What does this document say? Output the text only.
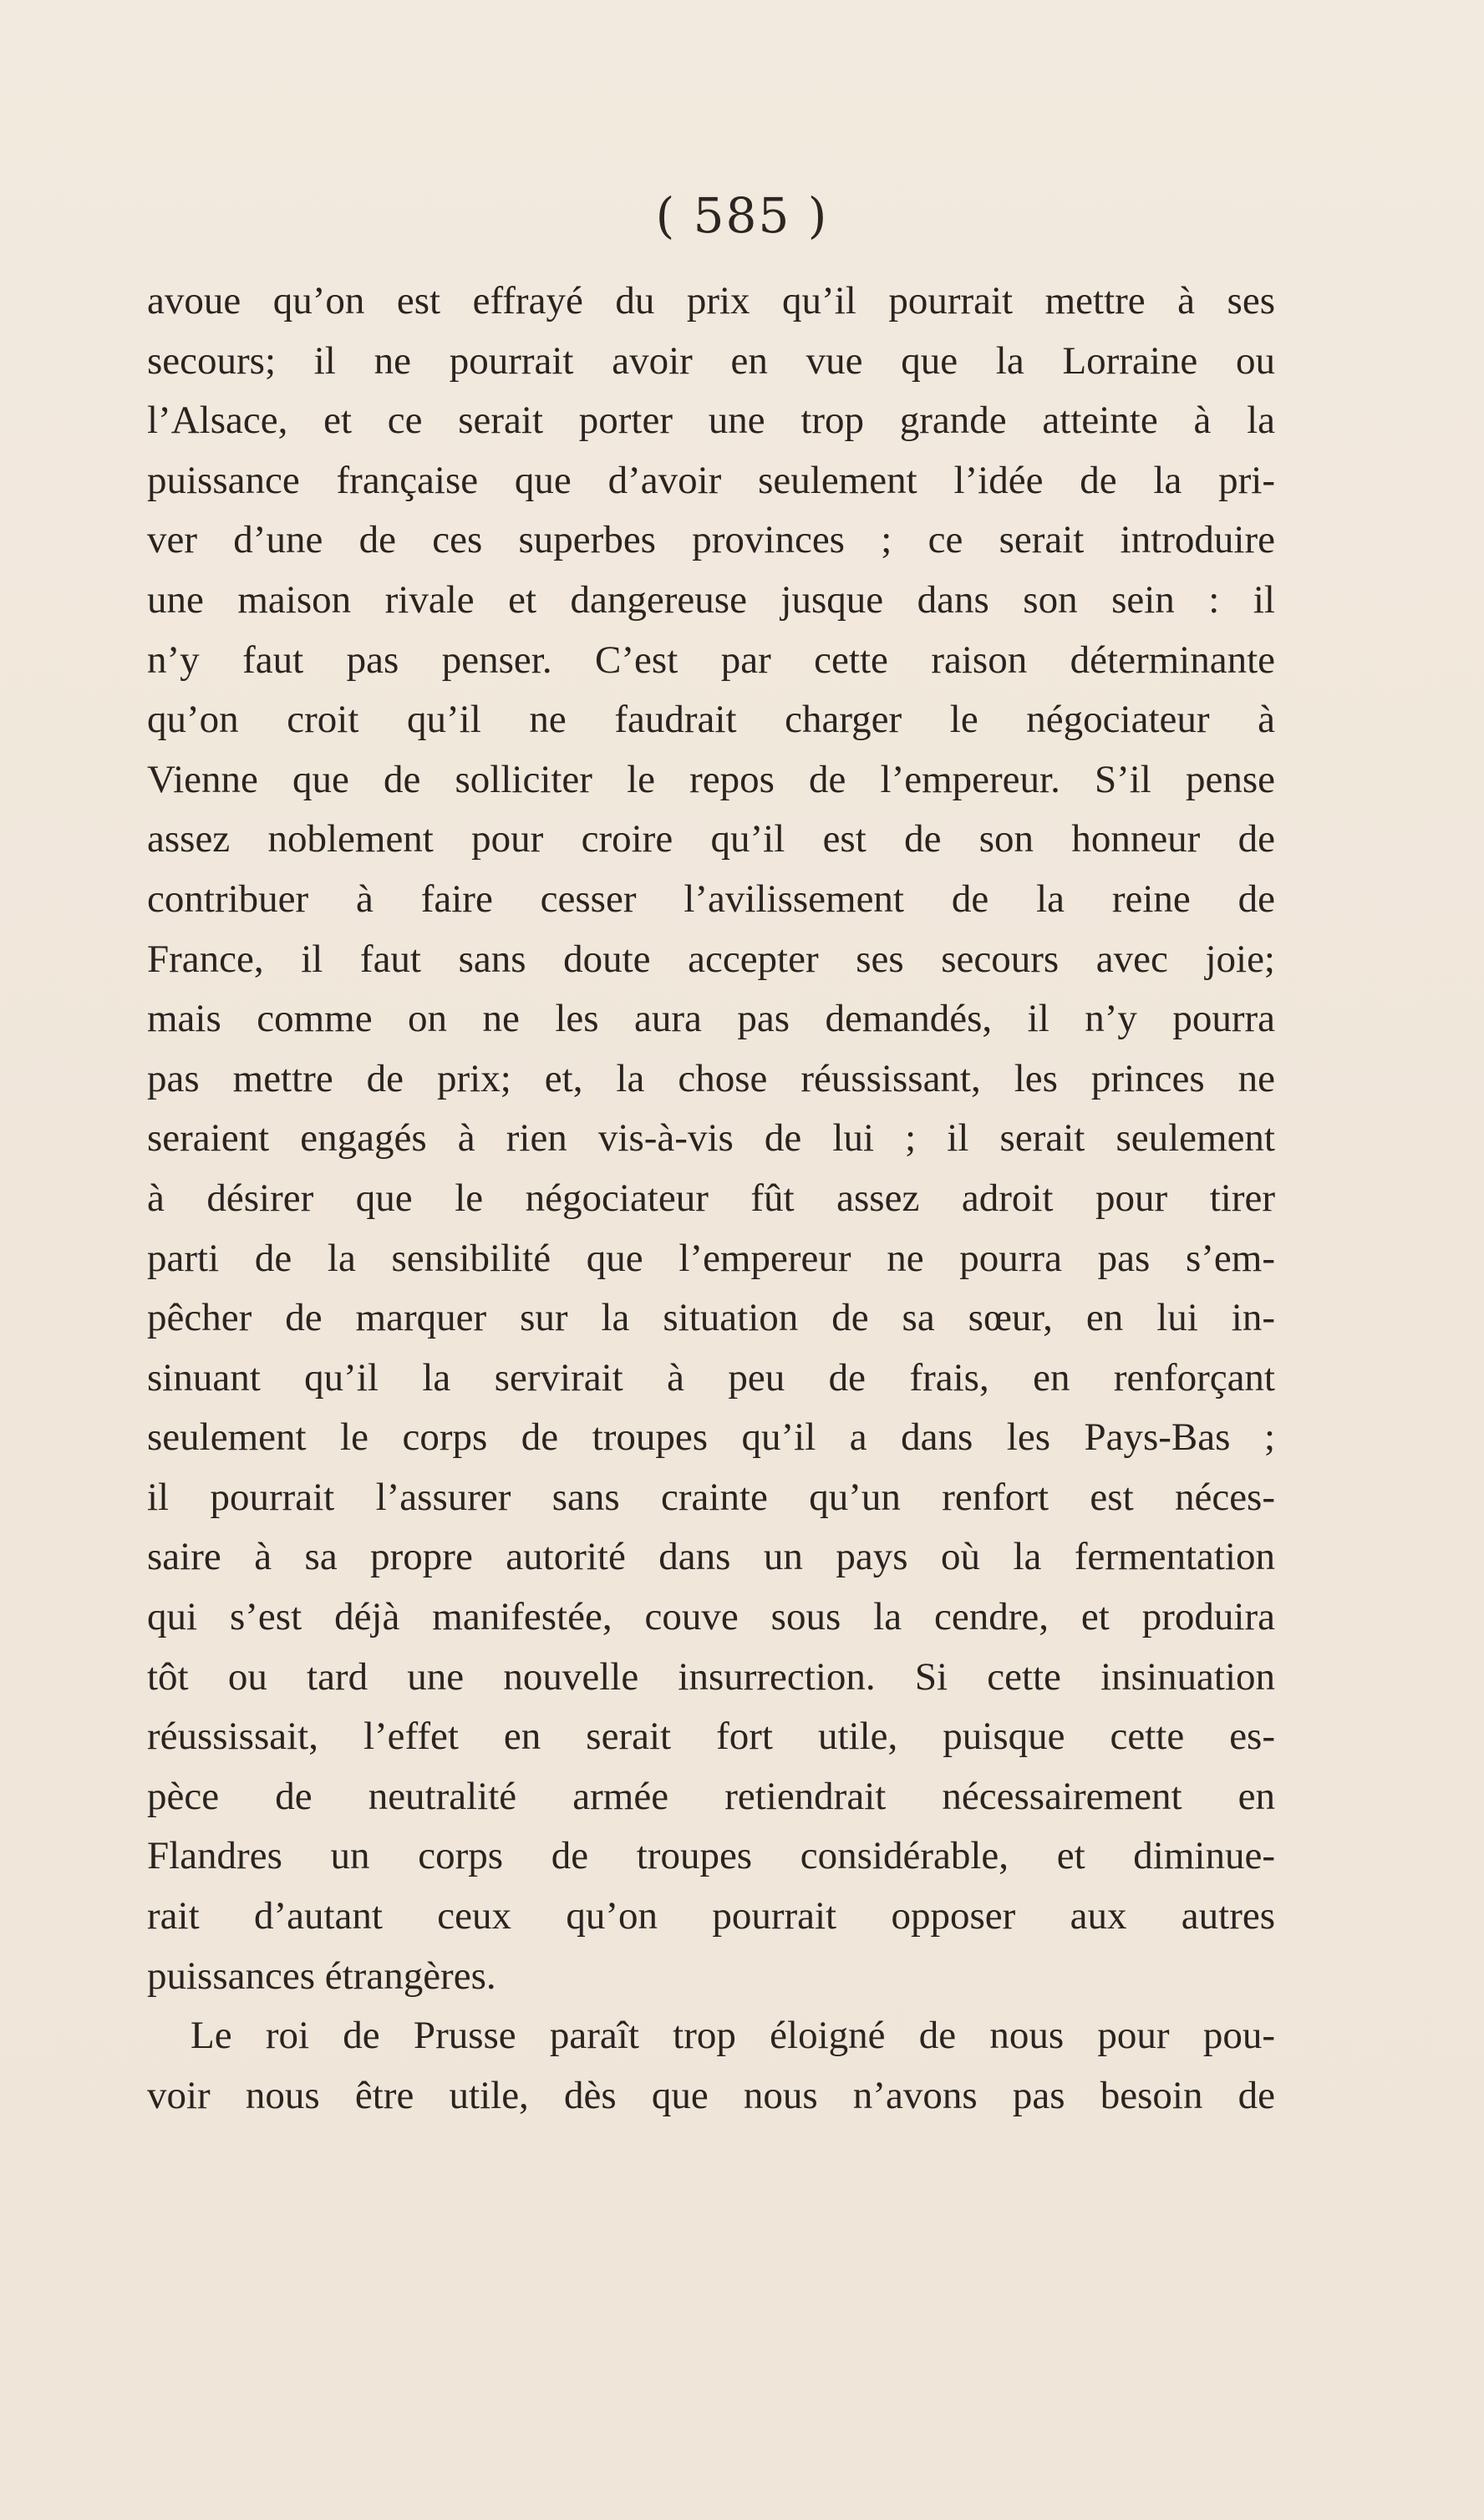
( 585 )
avoue qu’on est effrayé du prix qu’il pourrait mettre à ses
secours; il ne pourrait avoir en vue que la Lorraine ou
l’Alsace, et ce serait porter une trop grande atteinte à la
puissance française que d’avoir seulement l’idée de la pri-
ver d’une de ces superbes provinces ; ce serait introduire
une maison rivale et dangereuse jusque dans son sein : il
n’y faut pas penser. C’est par cette raison déterminante
qu’on croit qu’il ne faudrait charger le négociateur à
Vienne que de solliciter le repos de l’empereur. S’il pense
assez noblement pour croire qu’il est de son honneur de
contribuer à faire cesser l’avilissement de la reine de
France, il faut sans doute accepter ses secours avec joie;
mais comme on ne les aura pas demandés, il n’y pourra
pas mettre de prix; et, la chose réussissant, les princes ne
seraient engagés à rien vis-à-vis de lui ; il serait seulement
à désirer que le négociateur fût assez adroit pour tirer
parti de la sensibilité que l’empereur ne pourra pas s’em-
pêcher de marquer sur la situation de sa sœur, en lui in-
sinuant qu’il la servirait à peu de frais, en renforçant
seulement le corps de troupes qu’il a dans les Pays-Bas ;
il pourrait l’assurer sans crainte qu’un renfort est néces-
saire à sa propre autorité dans un pays où la fermentation
qui s’est déjà manifestée, couve sous la cendre, et produira
tôt ou tard une nouvelle insurrection. Si cette insinuation
réussissait, l’effet en serait fort utile, puisque cette es-
pèce de neutralité armée retiendrait nécessairement en
Flandres un corps de troupes considérable, et diminue-
rait d’autant ceux qu’on pourrait opposer aux autres
puissances étrangères.
Le roi de Prusse paraît trop éloigné de nous pour pou-
voir nous être utile, dès que nous n’avons pas besoin de
